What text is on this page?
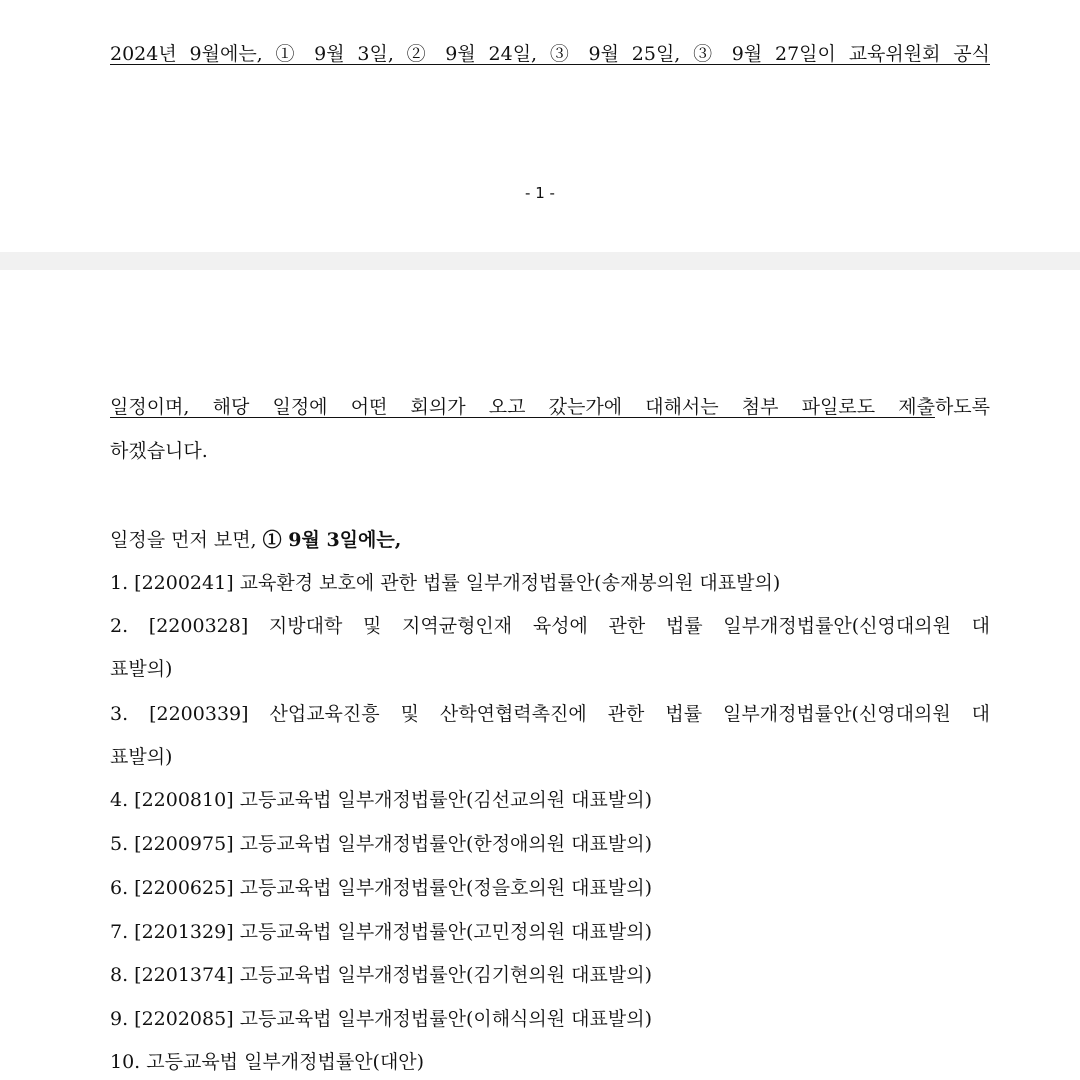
2024년 9월에는, ① 9월 3일, ② 9월 24일, ③ 9월 25일, ③ 9월 27일이 교육위원회 공식
- 1 -
일정이며, 해당 일정에 어떤 회의가 오고 갔는가에 대해서는 첨부 파일로도 제출하도록
하겠습니다.
일정을 먼저 보면, ① 9월 3일에는,
1. [2200241] 교육환경 보호에 관한 법률 일부개정법률안(송재봉의원 대표발의)
2. [2200328] 지방대학 및 지역균형인재 육성에 관한 법률 일부개정법률안(신영대의원 대
표발의)
3. [2200339] 산업교육진흥 및 산학연협력촉진에 관한 법률 일부개정법률안(신영대의원 대
표발의)
4. [2200810] 고등교육법 일부개정법률안(김선교의원 대표발의)
5. [2200975] 고등교육법 일부개정법률안(한정애의원 대표발의)
6. [2200625] 고등교육법 일부개정법률안(정을호의원 대표발의)
7. [2201329] 고등교육법 일부개정법률안(고민정의원 대표발의)
8. [2201374] 고등교육법 일부개정법률안(김기현의원 대표발의)
9. [2202085] 고등교육법 일부개정법률안(이해식의원 대표발의)
10. 고등교육법 일부개정법률안(대안)
